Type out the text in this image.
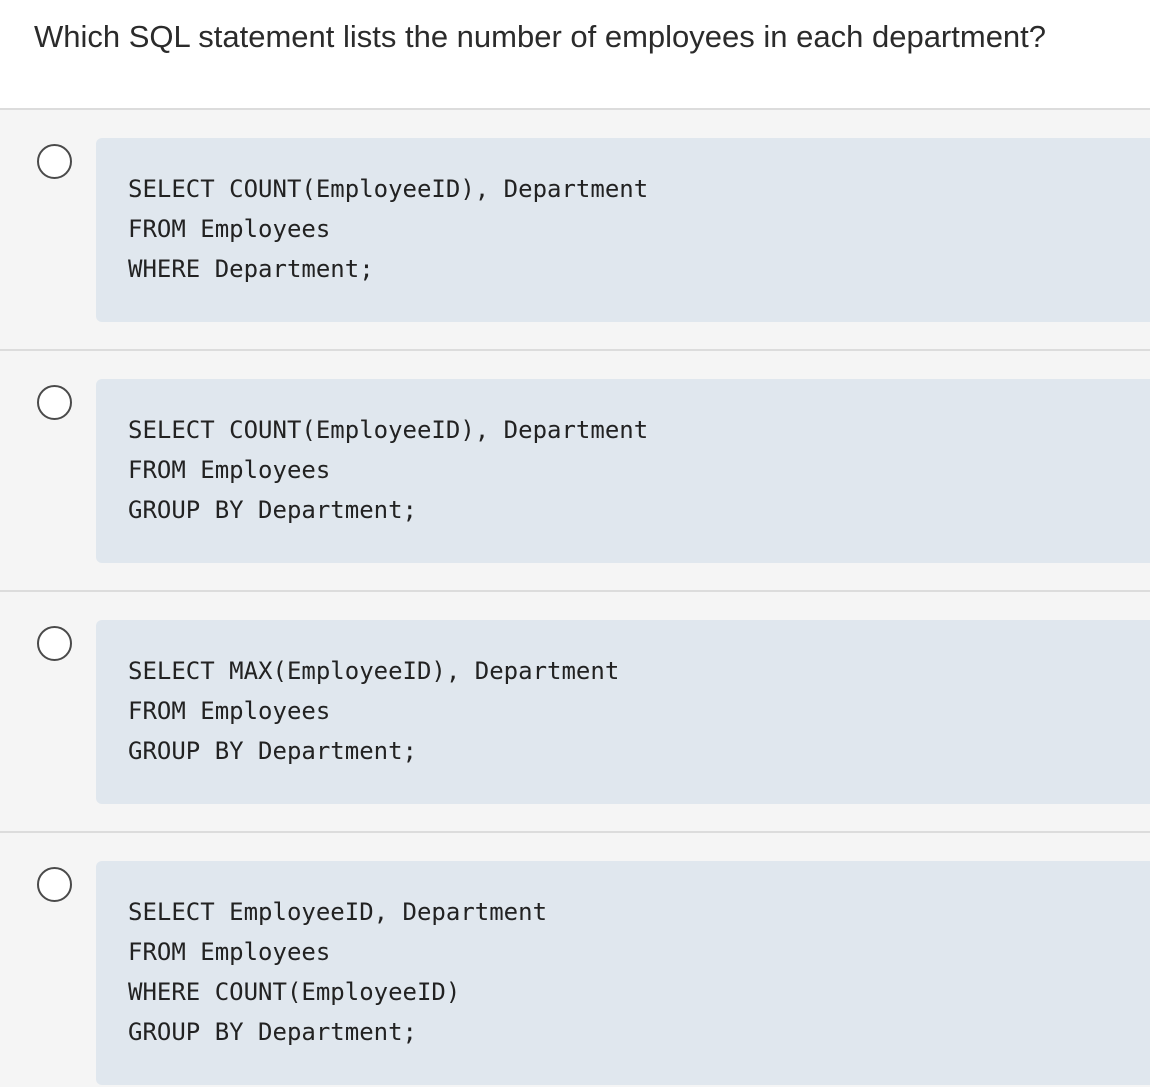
Which SQL statement lists the number of employees in each department?
SELECT COUNT(EmployeeID), Department
FROM Employees
WHERE Department;
SELECT COUNT(EmployeeID), Department
FROM Employees
GROUP BY Department;
SELECT MAX(EmployeeID), Department
FROM Employees
GROUP BY Department;
SELECT EmployeeID, Department
FROM Employees
WHERE COUNT(EmployeeID)
GROUP BY Department;
